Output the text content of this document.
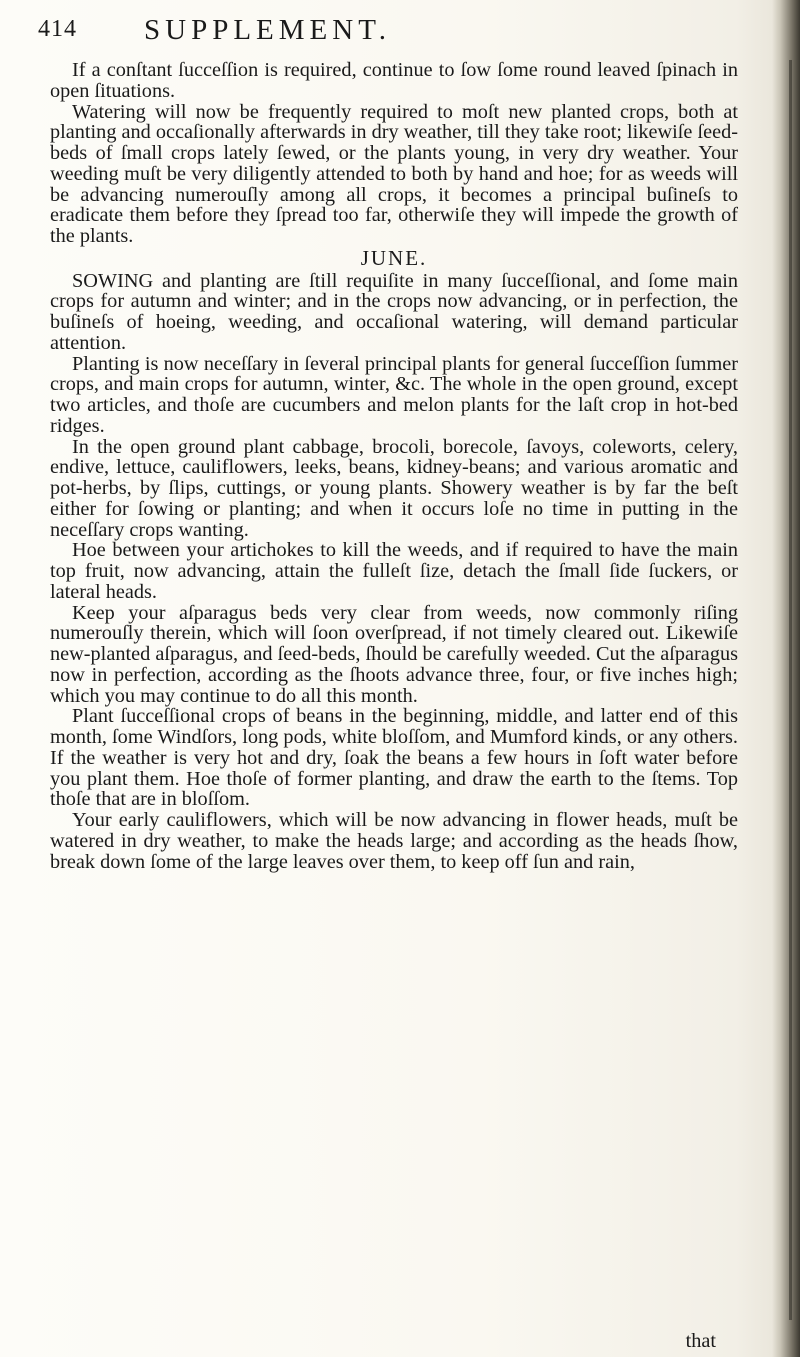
414 SUPPLEMENT.

If a conſtant ſucceſſion is required, continue to ſow ſome round leaved ſpinach in open ſituations.

Watering will now be frequently required to moſt new planted crops, both at planting and occaſionally afterwards in dry weather, till they take root; likewiſe ſeed-beds of ſmall crops lately ſewed, or the plants young, in very dry weather. Your weeding muſt be very diligently attended to both by hand and hoe; for as weeds will be advancing numerouſly among all crops, it becomes a principal buſineſs to eradicate them before they ſpread too far, otherwiſe they will impede the growth of the plants.

JUNE.

SOWING and planting are ſtill requiſite in many ſucceſſional, and ſome main crops for autumn and winter; and in the crops now advancing, or in perfection, the buſineſs of hoeing, weeding, and occaſional watering, will demand particular attention.

Planting is now neceſſary in ſeveral principal plants for general ſucceſſion ſummer crops, and main crops for autumn, winter, &c. The whole in the open ground, except two articles, and thoſe are cucumbers and melon plants for the laſt crop in hot-bed ridges.

In the open ground plant cabbage, brocoli, borecole, ſavoys, coleworts, celery, endive, lettuce, cauliflowers, leeks, beans, kidney-beans; and various aromatic and pot-herbs, by ſlips, cuttings, or young plants. Showery weather is by far the beſt either for ſowing or planting; and when it occurs loſe no time in putting in the neceſſary crops wanting.

Hoe between your artichokes to kill the weeds, and if required to have the main top fruit, now advancing, attain the fulleſt ſize, detach the ſmall ſide ſuckers, or lateral heads.

Keep your aſparagus beds very clear from weeds, now commonly riſing numerouſly therein, which will ſoon overſpread, if not timely cleared out. Likewiſe new-planted aſparagus, and ſeed-beds, ſhould be carefully weeded. Cut the aſparagus now in perfection, according as the ſhoots advance three, four, or five inches high; which you may continue to do all this month.

Plant ſucceſſional crops of beans in the beginning, middle, and latter end of this month, ſome Windſors, long pods, white bloſſom, and Mumford kinds, or any others. If the weather is very hot and dry, ſoak the beans a few hours in ſoft water before you plant them. Hoe thoſe of former planting, and draw the earth to the ſtems. Top thoſe that are in bloſſom.

Your early cauliflowers, which will be now advancing in flower heads, muſt be watered in dry weather, to make the heads large; and according as the heads ſhow, break down ſome of the large leaves over them, to keep off ſun and rain,

that
